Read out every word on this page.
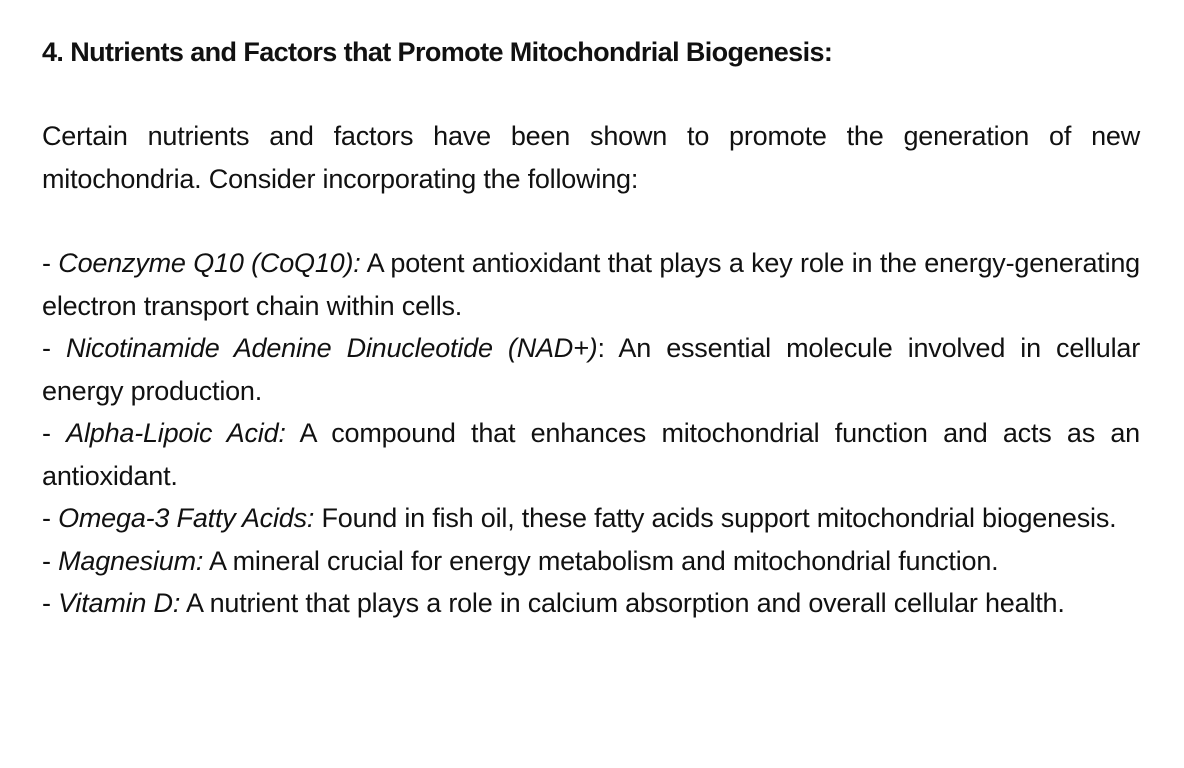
4. Nutrients and Factors that Promote Mitochondrial Biogenesis:

Certain nutrients and factors have been shown to promote the generation of new mitochondria. Consider incorporating the following:

- Coenzyme Q10 (CoQ10): A potent antioxidant that plays a key role in the energy-generating electron transport chain within cells.
- Nicotinamide Adenine Dinucleotide (NAD+): An essential molecule involved in cellular energy production.
- Alpha-Lipoic Acid: A compound that enhances mitochondrial function and acts as an antioxidant.
- Omega-3 Fatty Acids: Found in fish oil, these fatty acids support mitochondrial biogenesis.
- Magnesium: A mineral crucial for energy metabolism and mitochondrial function.
- Vitamin D: A nutrient that plays a role in calcium absorption and overall cellular health.
